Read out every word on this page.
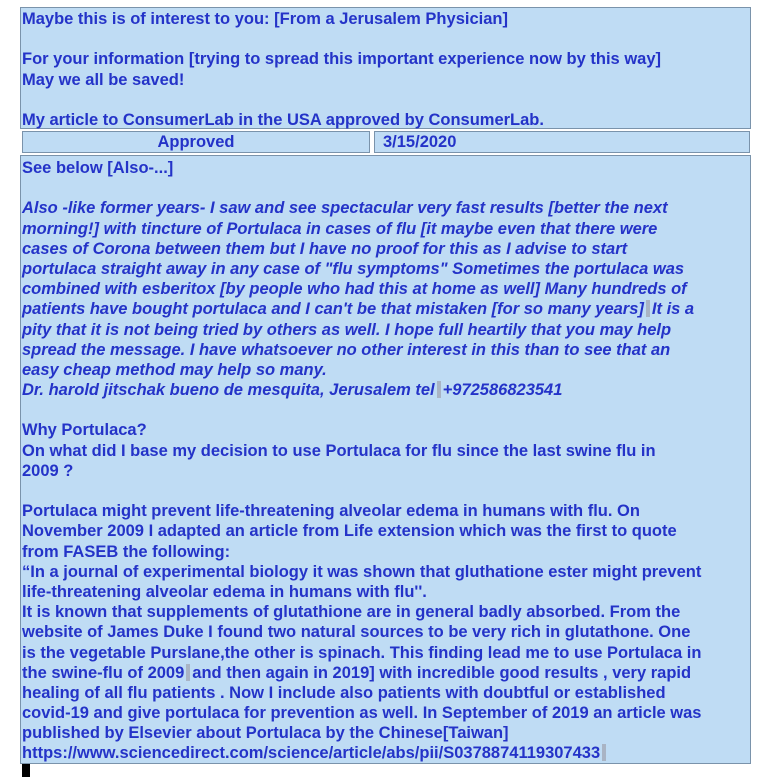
Maybe this is of interest to you: [From a Jerusalem Physician]
For your information [trying to spread this important experience now by this way]
May we all be saved!
My article to ConsumerLab in the USA approved by ConsumerLab.
Approved	3/15/2020
See below [Also-...]
Also -like former years- I saw and see spectacular very fast results [better the next
morning!] with tincture of Portulaca in cases of flu [it maybe even that there were
cases of Corona between them but I have no proof for this as I advise to start
portulaca straight away in any case of "flu symptoms" Sometimes the portulaca was
combined with esberitox [by people who had this at home as well] Many hundreds of
patients have bought portulaca and I can't be that mistaken [for so many years] It is a
pity that it is not being tried by others as well. I hope full heartily that you may help
spread the message. I have whatsoever no other interest in this than to see that an
easy cheap method may help so many.
Dr. harold jitschak bueno de mesquita, Jerusalem tel +972586823541
Why Portulaca?
On what did I base my decision to use Portulaca for flu since the last swine flu in
2009 ?
Portulaca might prevent life-threatening alveolar edema in humans with flu. On
November 2009 I adapted an article from Life extension which was the first to quote
from FASEB the following:
“In a journal of experimental biology it was shown that gluthatione ester might prevent
life-threatening alveolar edema in humans with flu''.
It is known that supplements of glutathione are in general badly absorbed. From the
website of James Duke I found two natural sources to be very rich in glutathone. One
is the vegetable Purslane,the other is spinach. This finding lead me to use Portulaca in
the swine-flu of 2009 and then again in 2019] with incredible good results , very rapid
healing of all flu patients . Now I include also patients with doubtful or established
covid-19 and give portulaca for prevention as well. In September of 2019 an article was
published by Elsevier about Portulaca by the Chinese[Taiwan]
https://www.sciencedirect.com/science/article/abs/pii/S0378874119307433
